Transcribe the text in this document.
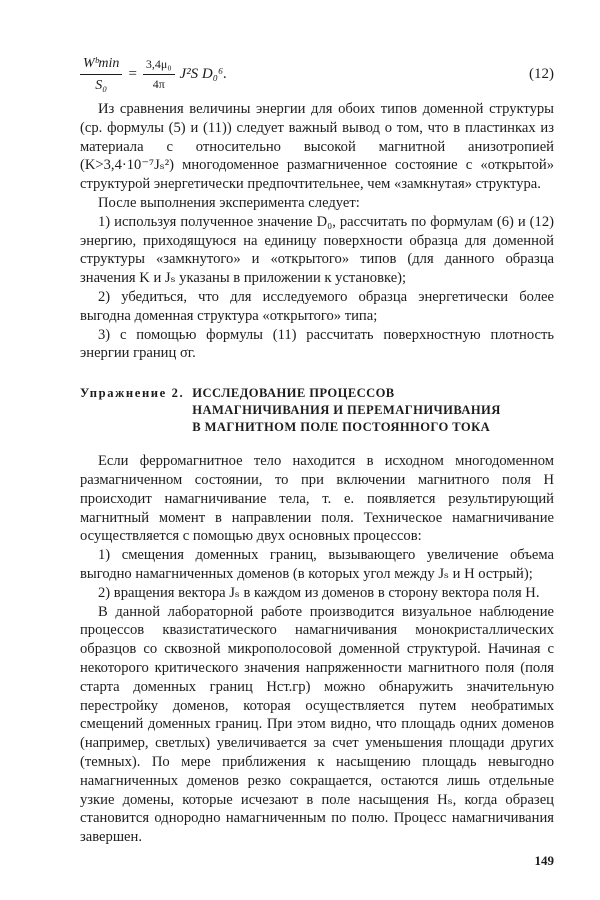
$\frac{\text{Wᵇmin}}{\text{S₀}} = \frac{\text{3,4μ₀}}{4\pi} J^2S$ D₀⁶.	(12)

Из сравнения величины энергии для обоих типов доменной структуры (ср. формулы (5) и (11)) следует важный вывод о том, что в пластинках из материала с относительно высокой магнитной анизотропией (K>3,4·10⁻⁷Jₛ²) многодоменное размагниченное состояние с «открытой» структурой энергетически предпочтительнее, чем «замкнутая» структура.

После выполнения эксперимента следует:

1) используя полученное значение D₀, рассчитать по формулам (6) и (12) энергию, приходящуюся на единицу поверхности образца для доменной структуры «замкнутого» и «открытого» типов (для данного образца значения K и Jₛ указаны в приложении к установке);

2) убедиться, что для исследуемого образца энергетически более выгодна доменная структура «открытого» типа;

3) с помощью формулы (11) рассчитать поверхностную плотность энергии границ σг.

Упражнение 2. ИССЛЕДОВАНИЕ ПРОЦЕССОВ
НАМАГНИЧИВАНИЯ И ПЕРЕМАГНИЧИВАНИЯ
В МАГНИТНОМ ПОЛЕ ПОСТОЯННОГО ТОКА

Если ферромагнитное тело находится в исходном многодоменном размагниченном состоянии, то при включении магнитного поля H происходит намагничивание тела, т. е. появляется результирующий магнитный момент в направлении поля. Техническое намагничивание осуществляется с помощью двух основных процессов:

1) смещения доменных границ, вызывающего увеличение объема выгодно намагниченных доменов (в которых угол между Jₛ и H острый);

2) вращения вектора Jₛ в каждом из доменов в сторону вектора поля H.

В данной лабораторной работе производится визуальное наблюдение процессов квазистатического намагничивания монокристаллических образцов со сквозной микрополосовой доменной структурой. Начиная с некоторого критического значения напряженности магнитного поля (поля старта доменных границ Hст.гр) можно обнаружить значительную перестройку доменов, которая осуществляется путем необратимых смещений доменных границ. При этом видно, что площадь одних доменов (например, светлых) увеличивается за счет уменьшения площади других (темных). По мере приближения к насыщению площадь невыгодно намагниченных доменов резко сокращается, остаются лишь отдельные узкие домены, которые исчезают в поле насыщения Hₛ, когда образец становится однородно намагниченным по полю. Процесс намагничивания завершен.

149
